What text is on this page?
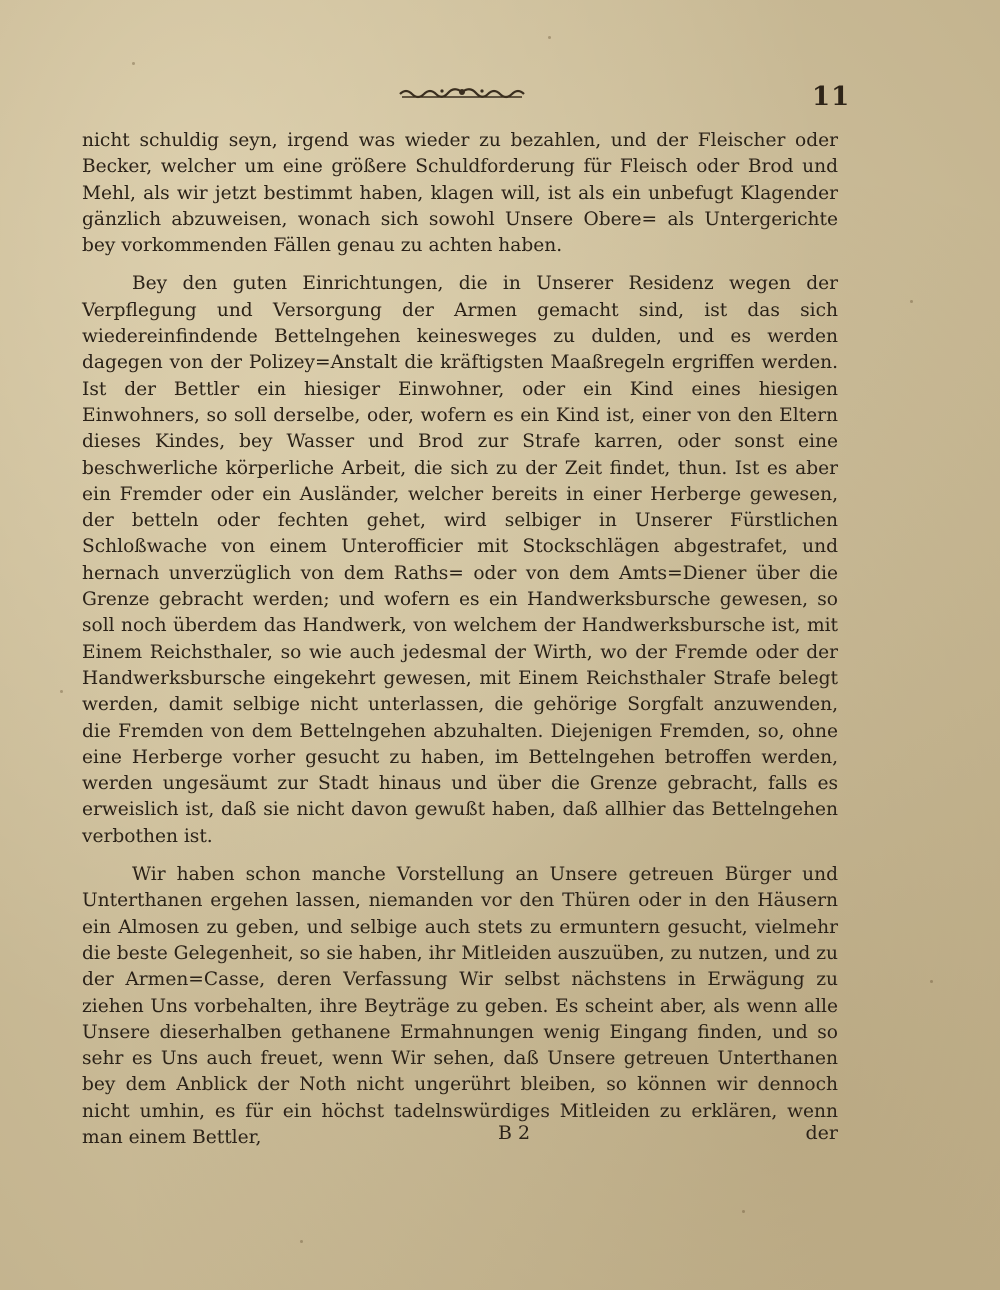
11

nicht schuldig seyn, irgend was wieder zu bezahlen, und der Fleischer oder Becker, welcher um eine größere Schuldforderung für Fleisch oder Brod und Mehl, als wir jetzt bestimmt haben, klagen will, ist als ein unbefugt Klagender gänzlich abzuweisen, wonach sich sowohl Unsere Obere= als Untergerichte bey vorkommenden Fällen genau zu achten haben.

Bey den guten Einrichtungen, die in Unserer Residenz wegen der Verpflegung und Versorgung der Armen gemacht sind, ist das sich wiedereinfindende Bettelngehen keinesweges zu dulden, und es werden dagegen von der Polizey=Anstalt die kräftigsten Maaßregeln ergriffen werden. Ist der Bettler ein hiesiger Einwohner, oder ein Kind eines hiesigen Einwohners, so soll derselbe, oder, wofern es ein Kind ist, einer von den Eltern dieses Kindes, bey Wasser und Brod zur Strafe karren, oder sonst eine beschwerliche körperliche Arbeit, die sich zu der Zeit findet, thun. Ist es aber ein Fremder oder ein Ausländer, welcher bereits in einer Herberge gewesen, der betteln oder fechten gehet, wird selbiger in Unserer Fürstlichen Schloßwache von einem Unterofficier mit Stockschlägen abgestrafet, und hernach unverzüglich von dem Raths= oder von dem Amts=Diener über die Grenze gebracht werden; und wofern es ein Handwerksbursche gewesen, so soll noch überdem das Handwerk, von welchem der Handwerksbursche ist, mit Einem Reichsthaler, so wie auch jedesmal der Wirth, wo der Fremde oder der Handwerksbursche eingekehrt gewesen, mit Einem Reichsthaler Strafe belegt werden, damit selbige nicht unterlassen, die gehörige Sorgfalt anzuwenden, die Fremden von dem Bettelngehen abzuhalten. Diejenigen Fremden, so, ohne eine Herberge vorher gesucht zu haben, im Bettelngehen betroffen werden, werden ungesäumt zur Stadt hinaus und über die Grenze gebracht, falls es erweislich ist, daß sie nicht davon gewußt haben, daß allhier das Bettelngehen verbothen ist.

Wir haben schon manche Vorstellung an Unsere getreuen Bürger und Unterthanen ergehen lassen, niemanden vor den Thüren oder in den Häusern ein Almosen zu geben, und selbige auch stets zu ermuntern gesucht, vielmehr die beste Gelegenheit, so sie haben, ihr Mitleiden auszuüben, zu nutzen, und zu der Armen=Casse, deren Verfassung Wir selbst nächstens in Erwägung zu ziehen Uns vorbehalten, ihre Beyträge zu geben. Es scheint aber, als wenn alle Unsere dieserhalben gethanene Ermahnungen wenig Eingang finden, und so sehr es Uns auch freuet, wenn Wir sehen, daß Unsere getreuen Unterthanen bey dem Anblick der Noth nicht ungerührt bleiben, so können wir dennoch nicht umhin, es für ein höchst tadelnswürdiges Mitleiden zu erklären, wenn man einem Bettler,	B 2	der
